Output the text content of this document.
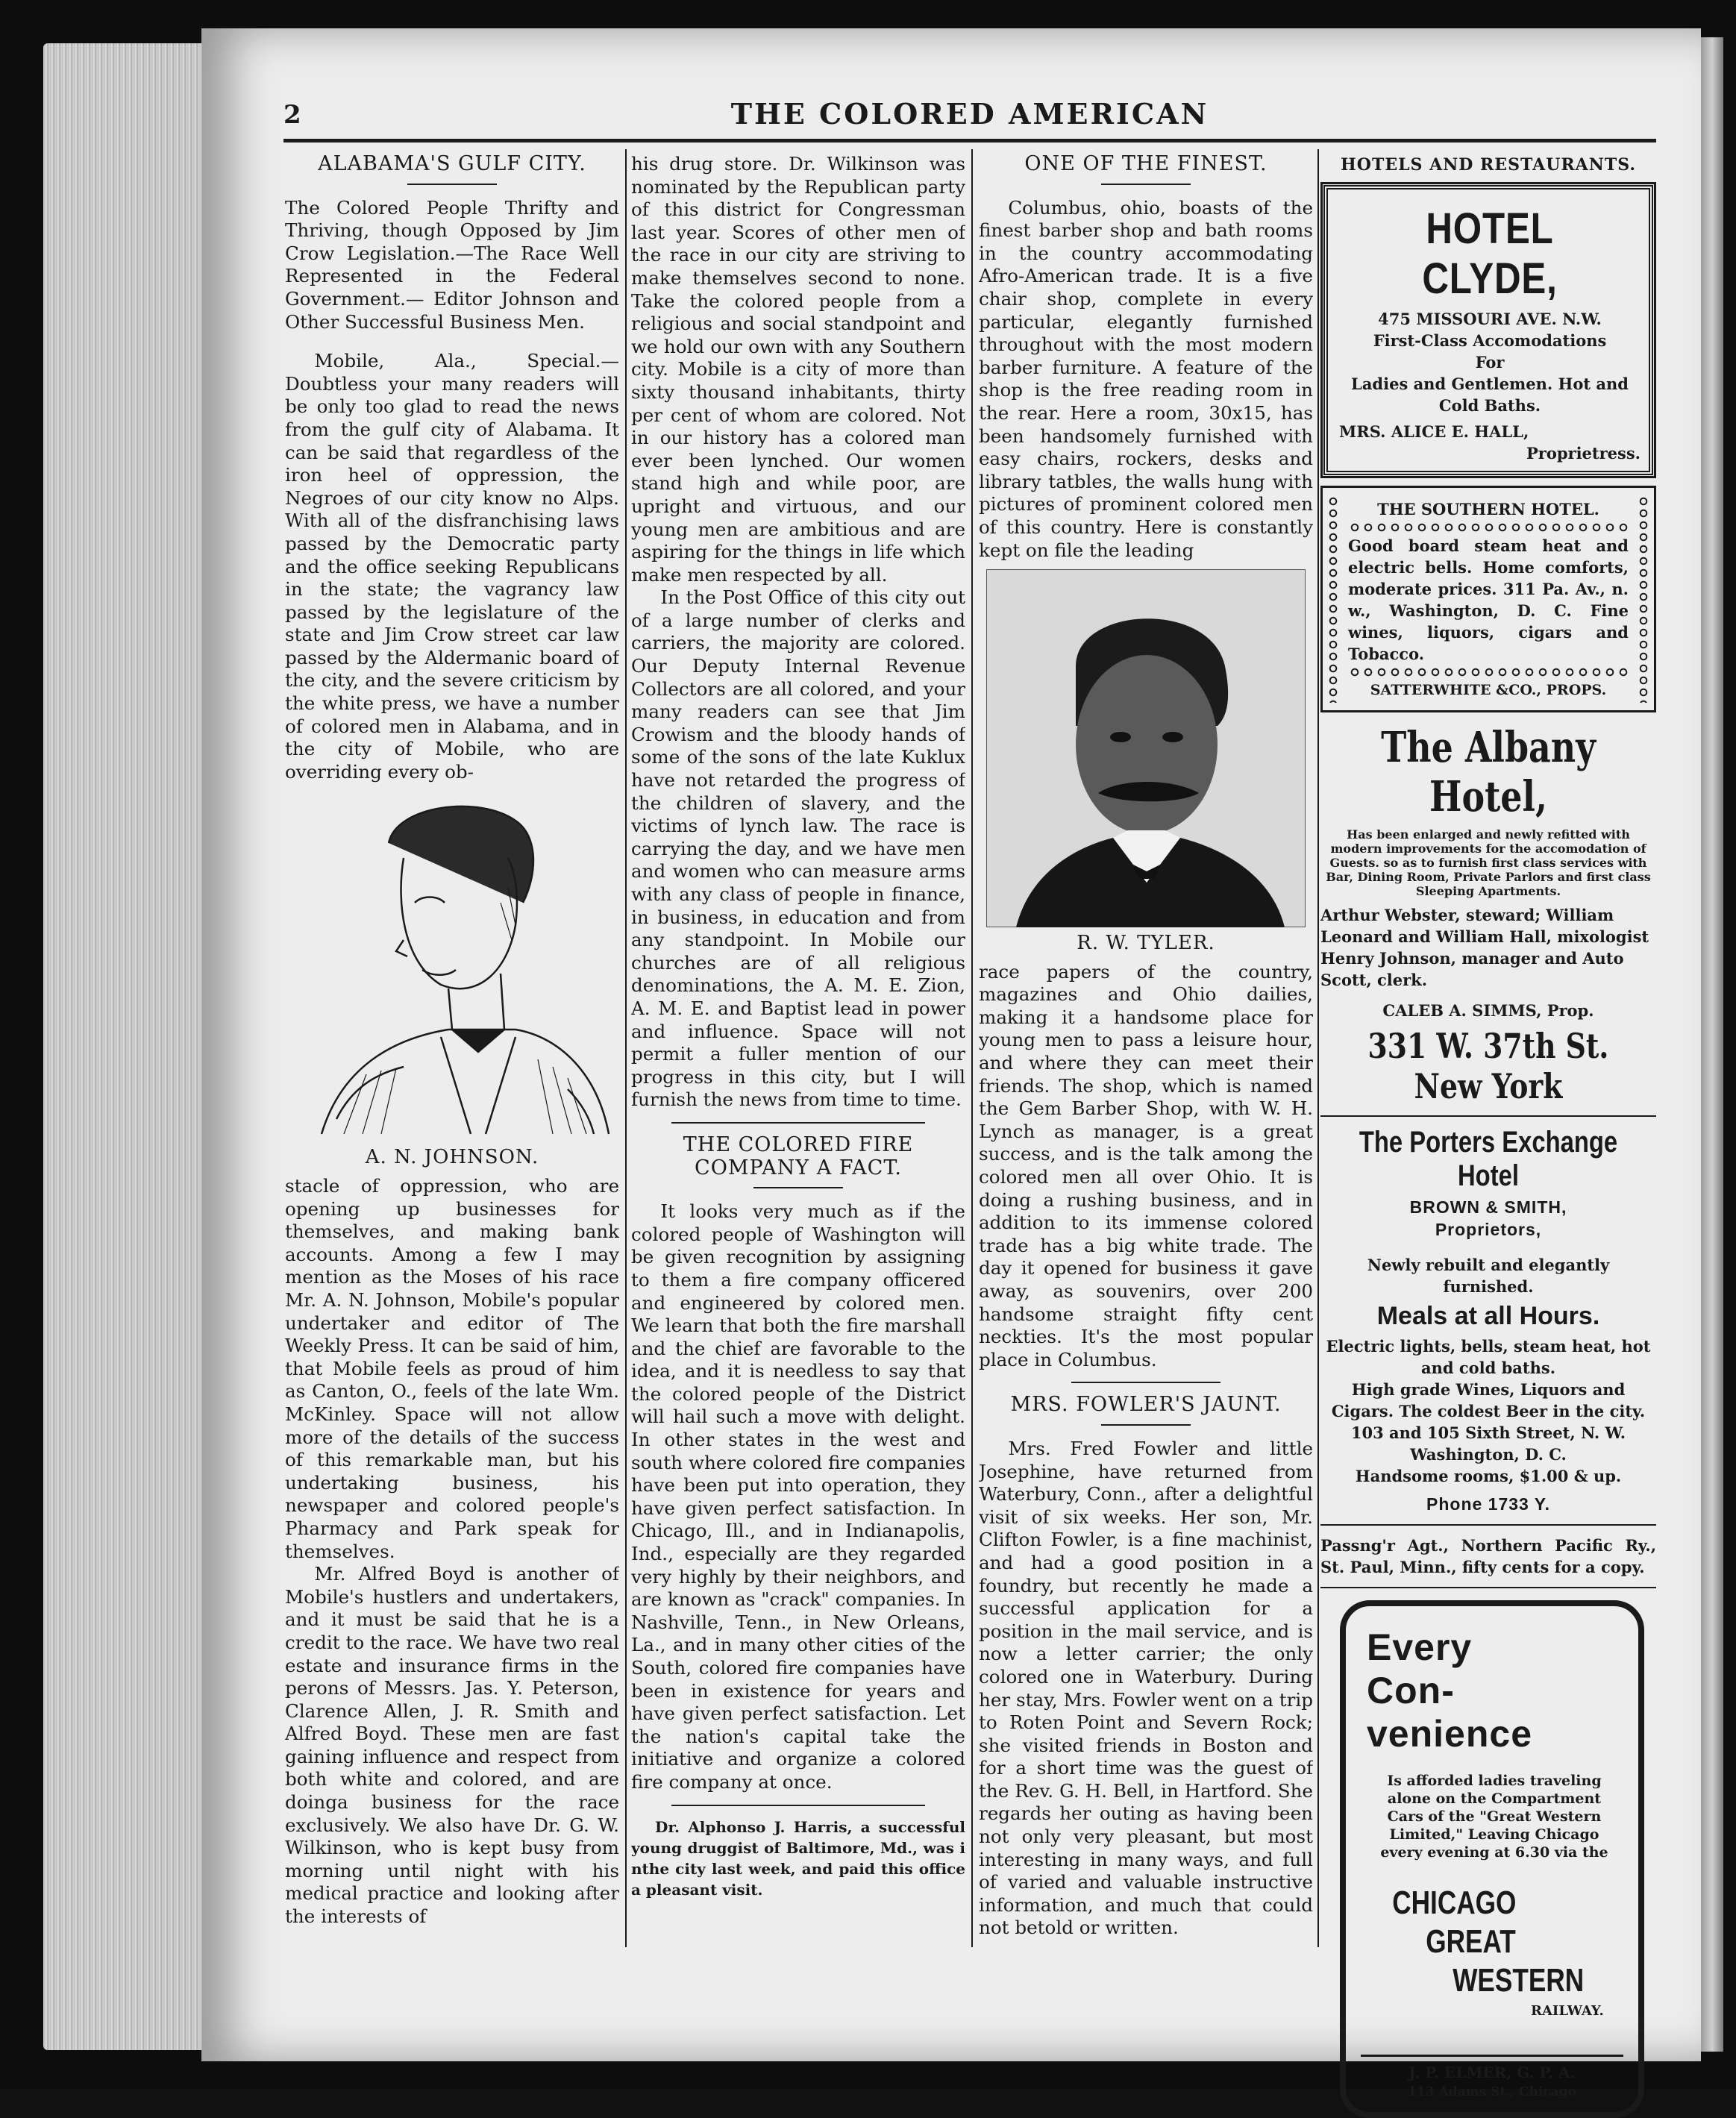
2	THE COLORED AMERICAN
ALABAMA'S GULF CITY.
The Colored People Thrifty and Thriving, though Opposed by Jim Crow Legislation.—The Race Well Represented in the Federal Government.— Editor Johnson and Other Successful Business Men.

Mobile, Ala., Special.—Doubtless your many readers will be only too glad to read the news from the gulf city of Alabama. It can be said that regardless of the iron heel of oppression, the Negroes of our city know no Alps. With all of the disfranchising laws passed by the Democratic party and the office seeking Republicans in the state; the vagrancy law passed by the legislature of the state and Jim Crow street car law passed by the Aldermanic board of the city, and the severe criticism by the white press, we have a number of colored men in Alabama, and in the city of Mobile, who are overriding every ob-

A. N. JOHNSON.

stacle of oppression, who are opening up businesses for themselves, and making bank accounts. Among a few I may mention as the Moses of his race Mr. A. N. Johnson, Mobile's popular undertaker and editor of The Weekly Press. It can be said of him, that Mobile feels as proud of him as Canton, O., feels of the late Wm. McKinley. Space will not allow more of the details of the success of this remarkable man, but his undertaking business, his newspaper and colored people's Pharmacy and Park speak for themselves.

Mr. Alfred Boyd is another of Mobile's hustlers and undertakers, and it must be said that he is a credit to the race. We have two real estate and insurance firms in the perons of Messrs. Jas. Y. Peterson, Clarence Allen, J. R. Smith and Alfred Boyd. These men are fast gaining influence and respect from both white and colored, and are doinga business for the race exclusively. We also have Dr. G. W. Wilkinson, who is kept busy from morning until night with his medical practice and looking after the interests of

his drug store. Dr. Wilkinson was nominated by the Republican party of this district for Congressman last year. Scores of other men of the race in our city are striving to make themselves second to none. Take the colored people from a religious and social standpoint and we hold our own with any Southern city. Mobile is a city of more than sixty thousand inhabitants, thirty per cent of whom are colored. Not in our history has a colored man ever been lynched. Our women stand high and while poor, are upright and virtuous, and our young men are ambitious and are aspiring for the things in life which make men respected by all.

In the Post Office of this city out of a large number of clerks and carriers, the majority are colored. Our Deputy Internal Revenue Collectors are all colored, and your many readers can see that Jim Crowism and the bloody hands of some of the sons of the late Kuklux have not retarded the progress of the children of slavery, and the victims of lynch law. The race is carrying the day, and we have men and women who can measure arms with any class of people in finance, in business, in education and from any standpoint. In Mobile our churches are of all religious denominations, the A. M. E. Zion, A. M. E. and Baptist lead in power and influence. Space will not permit a fuller mention of our progress in this city, but I will furnish the news from time to time.

THE COLORED FIRE COMPANY A FACT.

It looks very much as if the colored people of Washington will be given recognition by assigning to them a fire company officered and engineered by colored men. We learn that both the fire marshall and the chief are favorable to the idea, and it is needless to say that the colored people of the District will hail such a move with delight. In other states in the west and south where colored fire companies have been put into operation, they have given perfect satisfaction. In Chicago, Ill., and in Indianapolis, Ind., especially are they regarded very highly by their neighbors, and are known as "crack" companies. In Nashville, Tenn., in New Orleans, La., and in many other cities of the South, colored fire companies have been in existence for years and have given perfect satisfaction. Let the nation's capital take the initiative and organize a colored fire company at once.

Dr. Alphonso J. Harris, a successful young druggist of Baltimore, Md., was i nthe city last week, and paid this office a pleasant visit.
ONE OF THE FINEST.

Columbus, ohio, boasts of the finest barber shop and bath rooms in the country accommodating Afro-American trade. It is a five chair shop, complete in every particular, elegantly furnished throughout with the most modern barber furniture. A feature of the shop is the free reading room in the rear. Here a room, 30x15, has been handsomely furnished with easy chairs, rockers, desks and library tatbles, the walls hung with pictures of prominent colored men of this country. Here is constantly kept on file the leading

R. W. TYLER.

race papers of the country, magazines and Ohio dailies, making it a handsome place for young men to pass a leisure hour, and where they can meet their friends. The shop, which is named the Gem Barber Shop, with W. H. Lynch as manager, is a great success, and is the talk among the colored men all over Ohio. It is doing a rushing business, and in addition to its immense colored trade has a big white trade. The day it opened for business it gave away, as souvenirs, over 200 handsome straight fifty cent neckties. It's the most popular place in Columbus.

MRS. FOWLER'S JAUNT.

Mrs. Fred Fowler and little Josephine, have returned from Waterbury, Conn., after a delightful visit of six weeks. Her son, Mr. Clifton Fowler, is a fine machinist, and had a good position in a foundry, but recently he made a successful application for a position in the mail service, and is now a letter carrier; the only colored one in Waterbury. During her stay, Mrs. Fowler went on a trip to Roten Point and Severn Rock; she visited friends in Boston and for a short time was the guest of the Rev. G. H. Bell, in Hartford. She regards her outing as having been not only very pleasant, but most interesting in many ways, and full of varied and valuable instructive information, and much that could not betold or written.

HOTELS AND RESTAURANTS.
HOTEL CLYDE,
475 MISSOURI AVE. N.W.
First-Class Accomodations
For
Ladies and Gentlemen. Hot and Cold Baths.
MRS. ALICE E. HALL,
Proprietress.
THE SOUTHERN HOTEL.
Good board steam heat and electric bells. Home comforts, moderate prices. 311 Pa. Av., n. w., Washington, D. C. Fine wines, liquors, cigars and Tobacco.
SATTERWHITE &CO., PROPS.
The Albany Hotel,
Has been enlarged and newly refitted with modern improvements for the accomodation of Guests. so as to furnish first class services with Bar, Dining Room, Private Parlors and first class Sleeping Apartments.
Arthur Webster, steward; William Leonard and William Hall, mixologist Henry Johnson, manager and Auto Scott, clerk.
CALEB A. SIMMS, Prop.
331 W. 37th St. New York
The Porters Exchange Hotel
BROWN & SMITH,
Proprietors,
Newly rebuilt and elegantly furnished.
Meals at all Hours.
Electric lights, bells, steam heat, hot and cold baths.
High grade Wines, Liquors and Cigars. The coldest Beer in the city.
103 and 105 Sixth Street, N. W. Washington, D. C.
Handsome rooms, $1.00 & up.
Phone 1733 Y.
Passng'r Agt., Northern Pacific Ry., St. Paul, Minn., fifty cents for a copy.
Every
Con-
venience
Is afforded ladies traveling alone on the Compartment Cars of the "Great Western Limited," Leaving Chicago every evening at 6.30 via the
CHICAGO
GREAT
WESTERN
RAILWAY.
J. P. ELMER, G. P. A.
113 Adams St., Chicago
